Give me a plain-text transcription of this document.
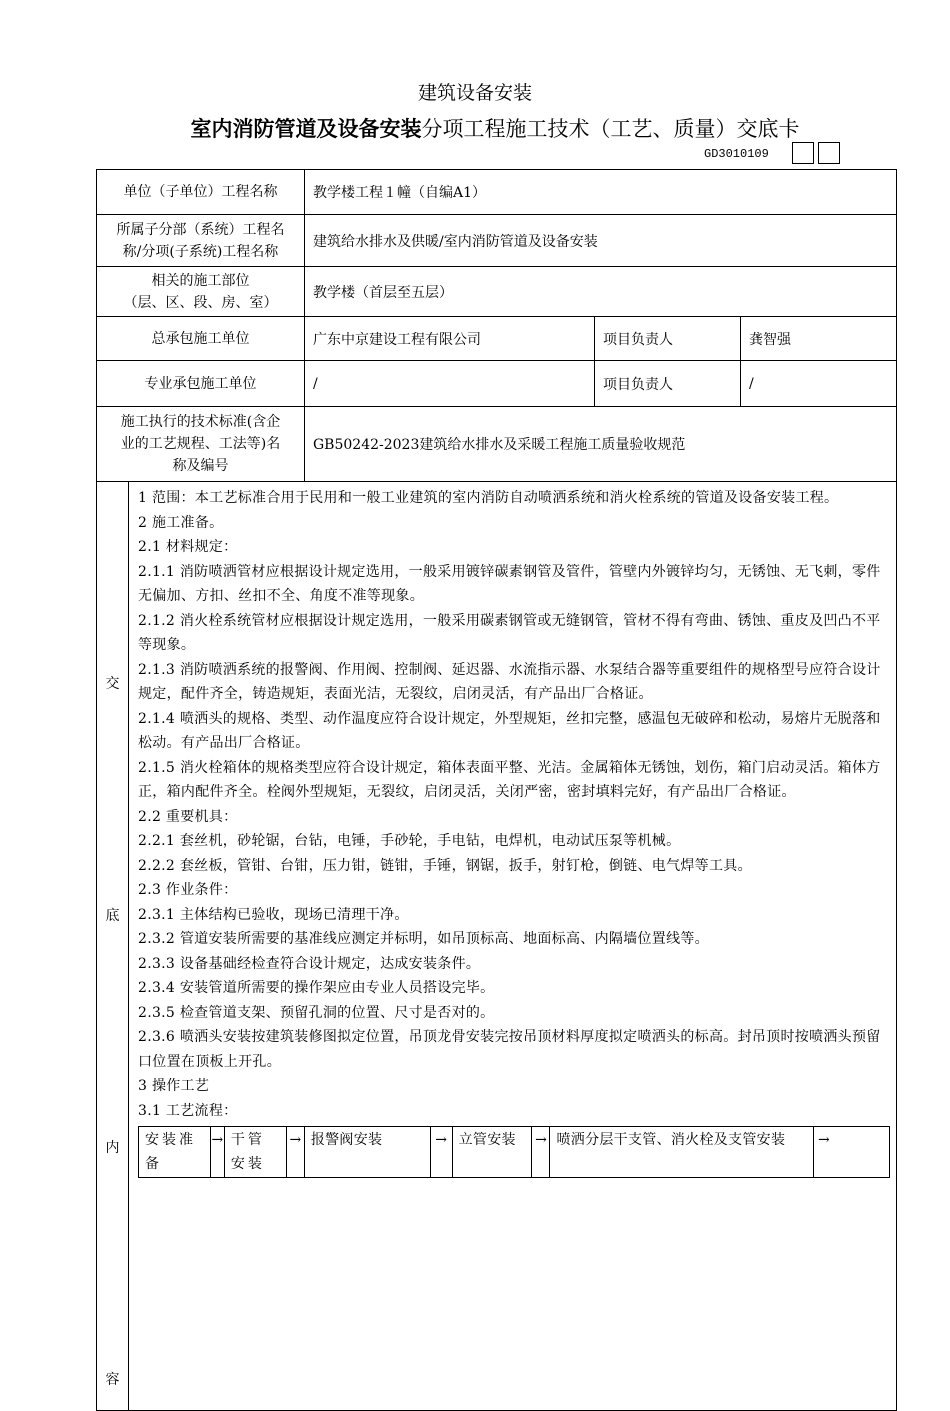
建筑设备安装
室内消防管道及设备安装分项工程施工技术（工艺、质量）交底卡
GD3010109
单位（子单位）工程名称	教学楼工程１幢（自编A1）

所属子分部（系统）工程名
称/分项(子系统)工程名称
	建筑给水排水及供暖/室内消防管道及设备安装

相关的施工部位
（层、区、段、房、室）
	教学楼（首层至五层）
总承包施工单位	广东中京建设工程有限公司	项目负责人	龚智强
专业承包施工单位	/	项目负责人	/

施工执行的技术标准(含企
业的工艺规程、工法等)名
称及编号
	GB50242-2023建筑给水排水及采暖工程施工质量验收规范

交
底
内
容

1 范围：本工艺标准合用于民用和一般工业建筑的室内消防自动喷洒系统和消火栓系统的管道及设备安装工程。

2 施工准备。

2.1 材料规定：

2.1.1 消防喷洒管材应根据设计规定选用，一般采用镀锌碳素钢管及管件，管壁内外镀锌均匀，无锈蚀、无飞刺，零件无偏加、方扣、丝扣不全、角度不准等现象。

2.1.2 消火栓系统管材应根据设计规定选用，一般采用碳素钢管或无缝钢管，管材不得有弯曲、锈蚀、重皮及凹凸不平等现象。

2.1.3 消防喷洒系统的报警阀、作用阀、控制阀、延迟器、水流指示器、水泵结合器等重要组件的规格型号应符合设计规定，配件齐全，铸造规矩，表面光洁，无裂纹，启闭灵活，有产品出厂合格证。

2.1.4 喷洒头的规格、类型、动作温度应符合设计规定，外型规矩，丝扣完整，感温包无破碎和松动，易熔片无脱落和松动。有产品出厂合格证。

2.1.5 消火栓箱体的规格类型应符合设计规定，箱体表面平整、光洁。金属箱体无锈蚀，划伤，箱门启动灵活。箱体方正，箱内配件齐全。栓阀外型规矩，无裂纹，启闭灵活，关闭严密，密封填料完好，有产品出厂合格证。

2.2 重要机具：

2.2.1 套丝机，砂轮锯，台钻，电锤，手砂轮，手电钻，电焊机，电动试压泵等机械。

2.2.2 套丝板，管钳、台钳，压力钳，链钳，手锤，钢锯，扳手，射钉枪，倒链、电气焊等工具。

2.3 作业条件：

2.3.1 主体结构已验收，现场已清理干净。

2.3.2 管道安装所需要的基准线应测定并标明，如吊顶标高、地面标高、内隔墙位置线等。

2.3.3 设备基础经检查符合设计规定，达成安装条件。

2.3.4 安装管道所需要的操作架应由专业人员搭设完毕。

2.3.5 检查管道支架、预留孔洞的位置、尺寸是否对的。

2.3.6 喷洒头安装按建筑装修图拟定位置，吊顶龙骨安装完按吊顶材料厚度拟定喷洒头的标高。封吊顶时按喷洒头预留口位置在顶板上开孔。

3 操作工艺

3.1 工艺流程：

安装准备	→	干管安装	→	报警阀安装	→	立管安装	→	喷洒分层干支管、消火栓及支管安装	→
